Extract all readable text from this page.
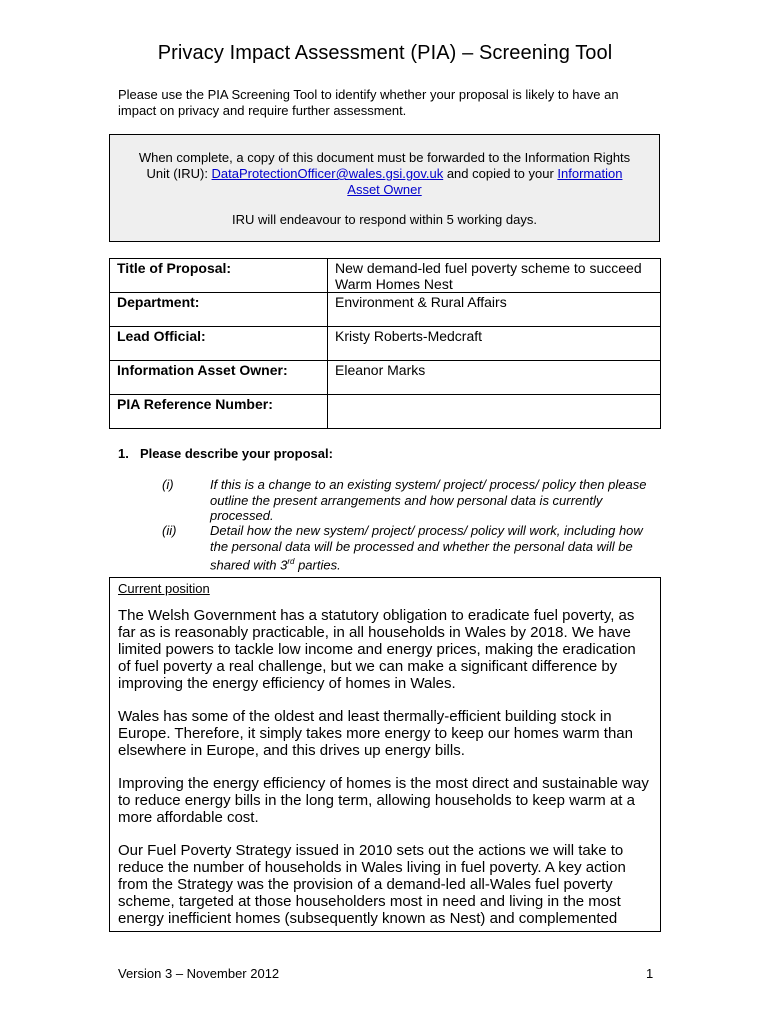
Privacy Impact Assessment (PIA) – Screening Tool
Please use the PIA Screening Tool to identify whether your proposal is likely to have an impact on privacy and require further assessment.
When complete, a copy of this document must be forwarded to the Information Rights Unit (IRU): DataProtectionOfficer@wales.gsi.gov.uk and copied to your Information Asset Owner
IRU will endeavour to respond within 5 working days.
Title of Proposal:	New demand-led fuel poverty scheme to succeed Warm Homes Nest
Department:	Environment & Rural Affairs
Lead Official:	Kristy Roberts-Medcraft
Information Asset Owner:	Eleanor Marks
PIA Reference Number:	
1. Please describe your proposal:
(i)	If this is a change to an existing system/ project/ process/ policy then please outline the present arrangements and how personal data is currently processed.
(ii)	Detail how the new system/ project/ process/ policy will work, including how the personal data will be processed and whether the personal data will be shared with 3rd parties.
Current position

The Welsh Government has a statutory obligation to eradicate fuel poverty, as far as is reasonably practicable, in all households in Wales by 2018. We have limited powers to tackle low income and energy prices, making the eradication of fuel poverty a real challenge, but we can make a significant difference by improving the energy efficiency of homes in Wales.

Wales has some of the oldest and least thermally-efficient building stock in Europe. Therefore, it simply takes more energy to keep our homes warm than elsewhere in Europe, and this drives up energy bills.

Improving the energy efficiency of homes is the most direct and sustainable way to reduce energy bills in the long term, allowing households to keep warm at a more affordable cost.

Our Fuel Poverty Strategy issued in 2010 sets out the actions we will take to reduce the number of households in Wales living in fuel poverty. A key action from the Strategy was the provision of a demand-led all-Wales fuel poverty scheme, targeted at those householders most in need and living in the most energy inefficient homes (subsequently known as Nest) and complemented

Version 3 – November 2012	1
